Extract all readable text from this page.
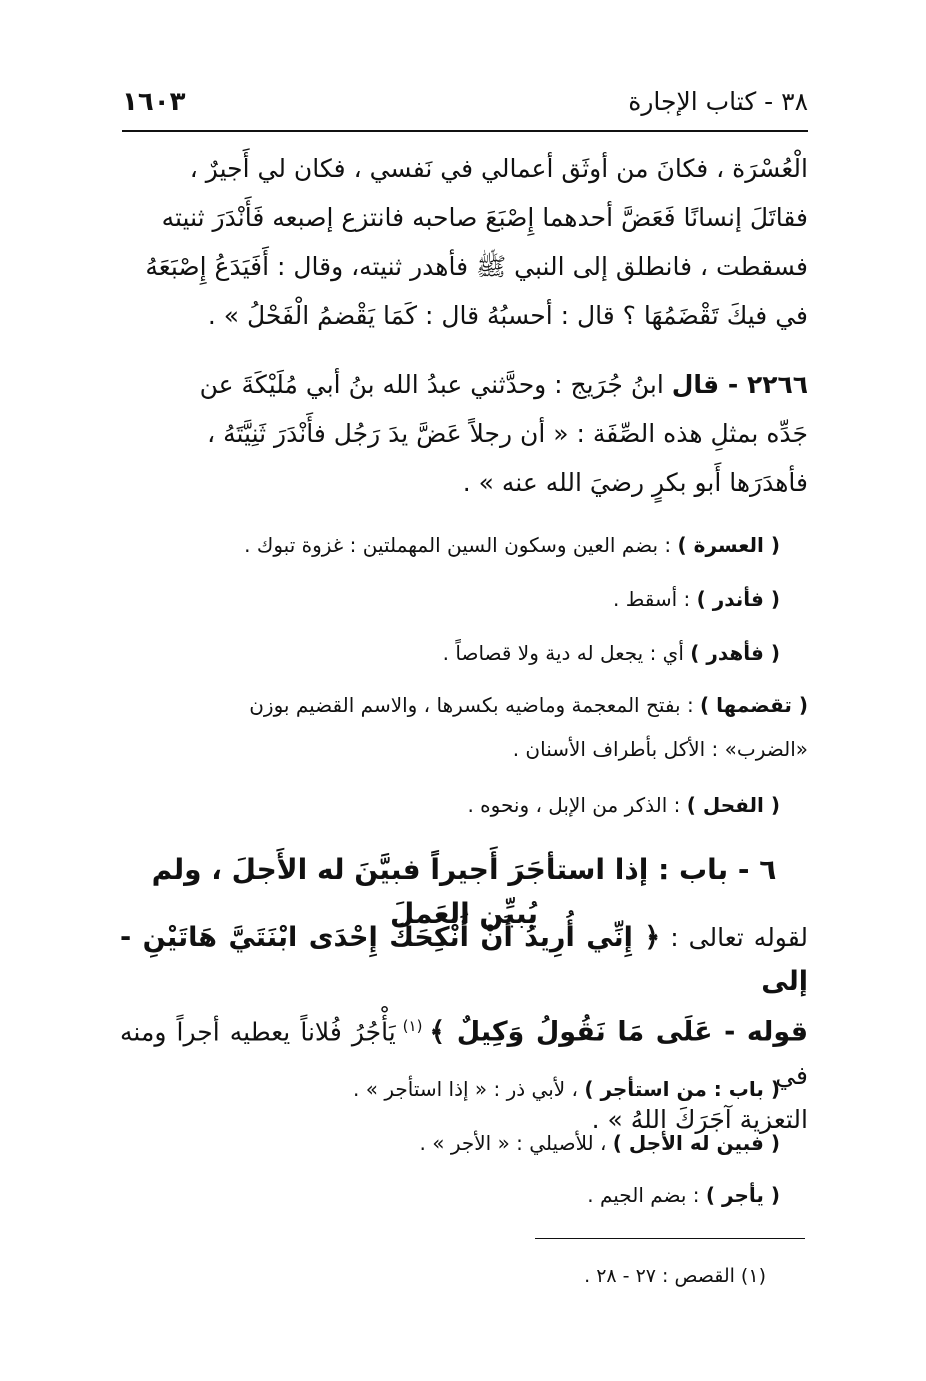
٣٨ - كتاب الإجارة
١٦٠٣

الْعُسْرَة ، فكانَ من أوثَق أعمالي في نَفسي ، فكان لي أَجيرٌ ،

فقاتَلَ إنسانًا فَعَضَّ أحدهما إِصْبَعَ صاحبه فانتزع إصبعه فَأَنْدَرَ ثنيته

فسقطت ، فانطلق إلى النبي ﷺ فأهدر ثنيته، وقال : أَفَيَدَعُ إِصْبَعَهُ

في فيكَ تَقْضَمُهَا ؟ قال : أحسبُهُ قال : كَمَا يَقْضمُ الْفَحْلُ » .

٢٢٦٦ - قال ابنُ جُرَيج : وحدَّثني عبدُ الله بنُ أبي مُلَيْكَةَ عن

جَدِّه بمثلِ هذه الصِّفَة : « أن رجلاً عَضَّ يدَ رَجُل فأَنْدَرَ ثَنِيَّتَهُ ،

فأهدَرَها أَبو بكرٍ رضيَ الله عنه » .

( العسرة ) : بضم العين وسكون السين المهملتين : غزوة تبوك .

( فأندر ) : أسقط .

( فأهدر ) أي : يجعل له دية ولا قصاصاً .

( تقضمها ) : بفتح المعجمة وماضيه بكسرها ، والاسم القضيم بوزن

«الضرب» : الأكل بأطراف الأسنان .

( الفحل ) : الذكر من الإبل ، ونحوه .

٦ - باب : إذا استأجَرَ أَجيراً فبيَّنَ له الأَجلَ ، ولم يُبيِّن العَملَ

لقوله تعالى : ﴿ إِنِّي أُرِيدُ أَنْ أُنْكِحَكَ إِحْدَى ابْنَتَيَّ هَاتَيْنِ - إلى

قوله - عَلَى مَا نَقُولُ وَكِيلٌ ﴾ $^{(١)}$ يَأْجُرُ فُلاناً يعطيه أجراً ومنه في

التعزية آجَرَكَ اللهُ » .

( باب : من استأجر ) ، لأبي ذر : « إذا استأجر » .

( فبين له الأجل ) ، للأصيلي : « الأجر » .

( يأجر ) : بضم الجيم .

(١) القصص : ٢٧ - ٢٨ .
